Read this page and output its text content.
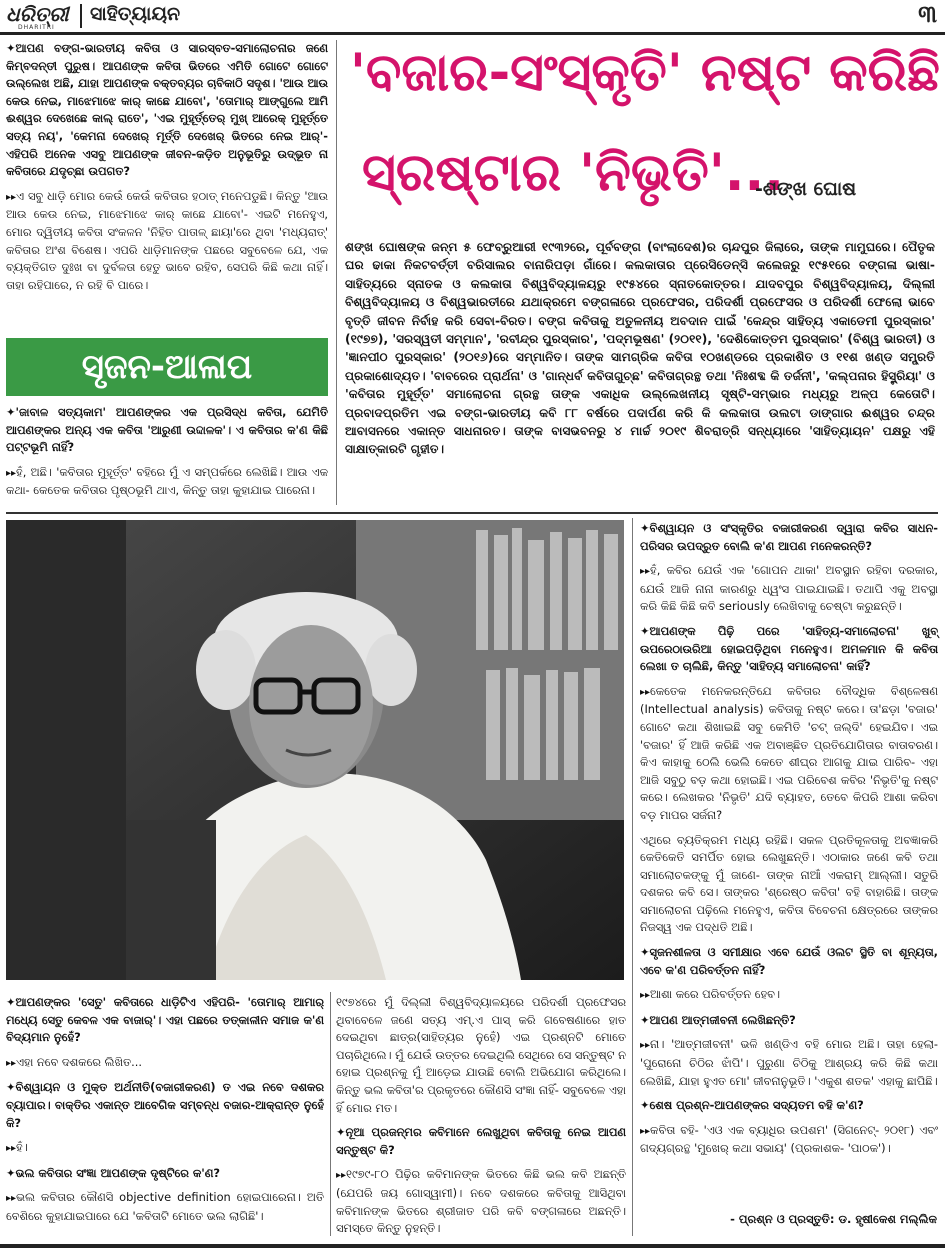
ଧରିତ୍ରୀ
DHARITRI
ସାହିତ୍ୟାୟନ	୩

✦ ଆପଣ ବଙ୍ଗ-ଭାରତୀୟ କବିତା ଓ ସାରସ୍ବତ-ସମାଲୋଚନାର ଜଣେ କିମ୍ବଦନ୍ତୀ ପୁରୁଷ। ଆପଣଙ୍କ କବିତା ଭିତରେ ଏମିତି ଗୋଟେ ଗୋଟେ ଉଲ୍ଲେଖ ଅଛି, ଯାହା ଆପଣଙ୍କ ବକ୍ତବ୍ୟର ଚାବିକାଠି ସଦୃଶ। 'ଆଉ ଆଉ କେଉ ନେଇ, ମାଝେମାଝେ କାର୍ କାଛେ ଯାବୋ', 'ତୋମାର୍ ଆଙ୍ଗୁଲେ ଆମି ଈଶ୍ୱର ଦେଖେଛେ କାଲ୍ ରାତେ', 'ଏଇ ମୁହୂର୍ତ୍ତେର୍ ମୁଖ୍ ଆରେକ୍ ମୁହୂର୍ତ୍ତେ ସତ୍ୟ ନୟ', 'କେମନା ଦେଖେର୍ ମୂର୍ତ୍ତି ଦେଖେର୍ ଭିତରେ ନେଇ ଆର୍'- ଏହିପରି ଅନେକ ଏସବୁ ଆପଣଙ୍କ ଜୀବନ-କଡ଼ିତ ଅନୁଭୂତିରୁ ଉଦ୍ଭୂତ ନା କବିତାରେ ଯଦୃଚ୍ଛା ଉପଗତ?

▸▸ ଏ ସବୁ ଧାଡ଼ି ମୋର କେଉଁ କେଉଁ କବିତାର ହଠାତ୍ ମନେପଡୁଛି। କିନ୍ତୁ 'ଆଉ ଆଉ କେଉ ନେଇ, ମାଝେମାଝେ କାର୍ କାଛେ ଯାବୋ'- ଏଇଟି ମନେହୁଏ, ମୋର ଦ୍ୱିତୀୟ କବିତା ସଂକଳନ 'ନିହିତ ପାତାଳ୍ ଛାୟା'ରେ ଥିବା 'ମଧ୍ୟରାତ୍' କବିତାର ଅଂଶ ବିଶେଷ। ଏପରି ଧାଡ଼ିମାନଙ୍କ ପଛରେ ସବୁବେଳେ ଯେ, ଏକ ବ୍ୟକ୍ତିଗତ ଦୁଃଖ ବା ଦୁର୍ବଳତା ହେତୁ ଭାବେ ରହିବ, ସେପରି କିଛି କଥା ନାହିଁ। ତାହା ରହିପାରେ, ନ ରହି ବି ପାରେ।

ସୃଜନ-ଆଳାପ

✦ 'ଜାବାଳ ସତ୍ୟକାମ' ଆପଣଙ୍କର ଏକ ପ୍ରସିଦ୍ଧ କବିତା, ଯେମିତି ଆପଣଙ୍କର ଅନ୍ୟ ଏକ କବିତା 'ଆରୁଣୀ ଉଦ୍ଦାଳକ'। ଏ କବିତାର କ'ଣ କିଛି ପଟ୍ଟଭୂମି ନାହିଁ?

▸▸ ହଁ, ଅଛି। 'କବିତାର ମୁହୂର୍ତ୍ତ' ବହିରେ ମୁଁ ଏ ସମ୍ପର୍କରେ ଲେଖିଛି। ଆଉ ଏକ କଥା- କେତେକ କବିତାର ପୃଷ୍ଠଭୂମି ଥାଏ, କିନ୍ତୁ ତାହା କୁହାଯାଇ ପାରେନା।

'ବଜାର-ସଂସ୍କୃତି' ନଷ୍ଟ କରିଛି
ସ୍ରଷ୍ଟାର 'ନିଭୃତି'...
-ଶଙ୍ଖ ଘୋଷ
ଶଙ୍ଖ ଘୋଷଙ୍କ ଜନ୍ମ ୫ ଫେବ୍ରୁଆରୀ ୧୯୩୨ରେ, ପୂର୍ବବଙ୍ଗ (ବାଂଲାଦେଶ)ର ଚାନ୍ଦପୁର ଜିଲାରେ, ତାଙ୍କ ମାମୁଘରେ। ପୈତୃକ ଘର ଢାକା ନିକଟବର୍ତ୍ତୀ ବରିସାଲର ବାନାରିପଡ଼ା ଗାଁରେ। କଲକାତାର ପ୍ରେସିଡେନ୍ସି କଲେଜରୁ ୧୯୫୧ରେ ବଙ୍ଗଳା ଭାଷା-ସାହିତ୍ୟରେ ସ୍ନାତକ ଓ କଲକାତା ବିଶ୍ୱବିଦ୍ୟାଳୟରୁ ୧୯୫୪ରେ ସ୍ନାତକୋତ୍ତର। ଯାଦବପୁର ବିଶ୍ୱବିଦ୍ୟାଳୟ, ଦିଲ୍ଲୀ ବିଶ୍ୱବିଦ୍ୟାଳୟ ଓ ବିଶ୍ୱଭାରତୀରେ ଯଥାକ୍ରମେ ବଙ୍ଗଳାରେ ପ୍ରଫେସର, ପରିଦର୍ଶୀ ପ୍ରଫେସର ଓ ପରିଦର୍ଶୀ ଫେଲୋ ଭାବେ ବୃତ୍ତି ଜୀବନ ନିର୍ବାହ କରି ସେବା-ବିରତ। ବଙ୍ଗ କବିତାକୁ ଅତୁଳନୀୟ ଅବଦାନ ପାଇଁ 'କେନ୍ଦ୍ର ସାହିତ୍ୟ ଏକାଡେମୀ ପୁରସ୍କାର' (୧୯୭୭), 'ସରସ୍ୱତୀ ସମ୍ମାନ', 'ରବୀନ୍ଦ୍ର ପୁରସ୍କାର', 'ପଦ୍ମଭୂଷଣ' (୨୦୧୧), 'ଦେଶିକୋତ୍ତମ ପୁରସ୍କାର' (ବିଶ୍ୱ ଭାରତୀ) ଓ 'ଜ୍ଞାନପୀଠ ପୁରସ୍କାର' (୨୦୧୬)ରେ ସମ୍ମାନିତ। ତାଙ୍କ ସାମଗ୍ରିକ କବିତା ୧୦ଖଣ୍ଡରେ ପ୍ରକାଶିତ ଓ ୧୧ଶ ଖଣ୍ଡ ସମ୍ପ୍ରତି ପ୍ରକାଶୋଦ୍ୟତ। 'ବାବରେର ପ୍ରାର୍ଥନା' ଓ 'ଗାନ୍ଧର୍ବ କବିତାଗୁଚ୍ଛ' କବିତାଗ୍ରନ୍ଥ ତଥା 'ନିଃଶବ୍ଦ କି ତର୍ଜନୀ', 'କଲ୍ପନାର ହିସ୍ଟ୍ରିୟା' ଓ 'କବିତାର ମୁହୂର୍ତ୍ତ' ସମାଲୋଚନା ଗ୍ରନ୍ଥ ତାଙ୍କ ଏକାଧିକ ଉଲ୍ଲେଖନୀୟ ସୃଷ୍ଟି-ସମ୍ଭାର ମଧ୍ୟରୁ ଅଳ୍ପ କେତୋଟି। ପ୍ରବାଦପ୍ରତିମ ଏଇ ବଙ୍ଗ-ଭାରତୀୟ କବି ୮୮ ବର୍ଷରେ ପଦାର୍ପଣ କରି କି କଲକାତା ଉଲଟା ଡାଙ୍ଗାର ଈଶ୍ୱର ଚନ୍ଦ୍ର ଆବାସନରେ ଏକାନ୍ତ ସାଧନାରତ। ତାଙ୍କ ବାସଭବନରୁ ୪ ମାର୍ଚ୍ଚ ୨୦୧୯ ଶିବରାତ୍ରି ସନ୍ଧ୍ୟାରେ 'ସାହିତ୍ୟାୟନ' ପକ୍ଷରୁ ଏହି ସାକ୍ଷାତ୍କାରଟି ଗୃହୀତ।

✦ ବିଶ୍ୱାୟନ ଓ ସଂସ୍କୃତିର ବଜାରୀକରଣ ଦ୍ୱାରା କବିର ସାଧନ-ପରିସର ଉପଦ୍ରୁତ ବୋଲି କ'ଣ ଆପଣ ମନେକରନ୍ତି?

▸▸ ହଁ, କବିର ଯେଉଁ ଏକ 'ଗୋପନ ଥାକା' ଅବସ୍ଥାନ ରହିବା ଦରକାର, ଯେଉଁ ଆଜି ନାନା କାରଣରୁ ଧ୍ୱଂସ ପାଇଯାଇଛି। ତଥାପି ଏକୁ ଅବସ୍ଥା କରି କିଛି କିଛି କବି seriously ଲେଖିବାକୁ ଚେଷ୍ଟା କରୁଛନ୍ତି।

✦ ଆପଣଙ୍କ ପିଢ଼ି ପରେ 'ସାହିତ୍ୟ-ସମାଲୋଚନା' ଖୁବ୍ ଉପରେଠାଉରିଆ ହୋଇପଡ଼ିଥିବା ମନେହୁଏ। ଅମଳମାନ କି କବିତା ଲେଖା ତ ଚାଲିଛି, କିନ୍ତୁ 'ସାହିତ୍ୟ ସମାଲୋଚନା' କାହିଁ?

▸▸ କେତେକ ମନେକରନ୍ତିଯେ କବିତାର ବୌଦ୍ଧିକ ବିଶ୍ଳେଷଣ (Intellectual analysis) କବିତାକୁ ନଷ୍ଟ କରେ। ତା'ଛଡ଼ା 'ବଜାର' ଗୋଟେ କଥା ଶିଖାଇଛି ସବୁ କେମିତି 'ଚଟ୍ ଜଲ୍ଦି' ହେଇଯିବ। ଏଇ 'ବଜାର' ହିଁ ଆଜି କରିଛି ଏକ ଅବାଞ୍ଛିତ ପ୍ରତିଯୋଗିତାର ବାତାବରଣ। କିଏ କାହାକୁ ଠେଲି ଭେଲି କେତେ ଶୀଘ୍ର ଆଗକୁ ଯାଇ ପାରିବ- ଏହା ଆଜି ସବୁଠୁ ବଡ଼ କଥା ହୋଇଛି। ଏଇ ପରିବେଶ କବିର 'ନିଭୃତି'କୁ ନଷ୍ଟ କରେ। ଲେଖକର 'ନିଭୃତି' ଯଦି ବ୍ୟାହତ, ତେବେ କିପରି ଆଶା କରିବା ବଡ଼ ମାପର ସର୍ଜନା?

ଏଥିରେ ବ୍ୟତିକ୍ରମ ମଧ୍ୟ ରହିଛି। ସକଳ ପ୍ରତିକୂଳତାକୁ ଅବଜ୍ଞାକରି କେତିକେତି ସମର୍ପିତ ହୋଇ ଲେଖୁଛନ୍ତି। ଏଠାକାର ଜଣେ କବି ତଥା ସମାଲୋଚକଙ୍କୁ ମୁଁ ଜାଣେ- ତାଙ୍କ ନାଆଁ ଏକରାମ୍ ଆଲ୍ଲୀ। ସତୁରି ଦଶକର କବି ସେ। ତାଙ୍କର 'ଶ୍ରେଷ୍ଠ କବିତା' ବହି ବାହାରିଛି। ତାଙ୍କ ସମାଲୋଚନା ପଢ଼ିଲେ ମନେହୁଏ, କବିତା ବିବେଚନା କ୍ଷେତ୍ରରେ ତାଙ୍କର ନିଜସ୍ୱ ଏକ ପଦ୍ଧତି ଅଛି।

✦ ସୃଜନଶୀଳତା ଓ ସମୀକ୍ଷାର ଏବେ ଯେଉଁ ଓଲଟ ସ୍ଥିତି ବା ଶୂନ୍ୟତା, ଏବେ କ'ଣ ପରିବର୍ତ୍ତନ ନାହିଁ?

▸▸ ଆଶା କରେ ପରିବର୍ତ୍ତନ ହେବ।

✦ ଆପଣ ଆତ୍ମଜୀବନୀ ଲେଖିଛନ୍ତି?

▸▸ ନା। 'ଆତ୍ମଜୀବନୀ' ଭଳି ଖଣ୍ଡିଏ ବହି ମୋର ଅଛି। ତାହା ହେଲା- 'ପୁରୋନୋ ଚିଠିର ଝାଁପି'। ପୁରୁଣା ଚିଠିକୁ ଆଶ୍ରୟ କରି କିଛି କଥା ଲେଖିଛି, ଯାହା ହୁଏତ ମୋ' ଜୀବନାନୁଭୂତି। 'ଏକୁଶ ଶତକ' ଏହାକୁ ଛାପିଛି।

✦ ଶେଷ ପ୍ରଶ୍ନ-ଆପଣଙ୍କର ସଦ୍ୟତମ ବହି କ'ଣ?

▸▸ କବିତା ବହି- 'ଏଓ ଏକ ବ୍ୟାଧିର ଉପଶମ' (ସିଗନେଟ୍- ୨୦୧୮) ଏବଂ ଗଦ୍ୟଗ୍ରନ୍ଥ 'ମୁଖେର୍ କଥା ସଭାୟ' (ପ୍ରକାଶକ- 'ପାଠକ')।

✦ ଆପଣଙ୍କର 'ସେତୁ' କବିତାରେ ଧାଡ଼ିଟିଏ ଏହିପରି- 'ତୋମାର୍ ଆମାର୍ ମଧ୍ୟେ ସେତୁ କେବଳ ଏକ ବାଜାର୍'। ଏହା ପଛରେ ତତ୍କାଳୀନ ସମାଜ କ'ଣ ବିଦ୍ୟମାନ ନୁହେଁ?

▸▸ ଏହା ନବେ ଦଶକରେ ଲିଖିତ...

✦ ବିଶ୍ୱାୟନ ଓ ମୁକ୍ତ ଅର୍ଥନୀତି(ବଜାରୀକରଣ) ତ ଏଇ ନବେ ଦଶକର ବ୍ୟାପାର। ବାକ୍ତିର ଏକାନ୍ତ ଆବେଗିକ ସମ୍ବନ୍ଧ ବଜାର-ଆକ୍ରାନ୍ତ ନୁହେଁ କି?

▸▸ ହଁ।

✦ ଭଲ କବିତାର ସଂଜ୍ଞା ଆପଣଙ୍କ ଦୃଷ୍ଟିରେ କ'ଣ?

▸▸ ଭଲ କବିତାର କୌଣସି objective definition ହୋଇପାରେନା। ଅତି ବେଶିରେ କୁହାଯାଇପାରେ ଯେ 'କବିତାଟି ମୋତେ ଭଲ ଲାଗିଛି'।

୧୯୭୪ରେ ମୁଁ ଦିଲ୍ଲୀ ବିଶ୍ୱବିଦ୍ୟାଳୟରେ ପରିଦର୍ଶୀ ପ୍ରଫେସର ଥିବାବେଳେ ଜଣେ ସତ୍ୟ ଏମ୍.ଏ ପାସ୍ କରି ଗବେଷଣାରେ ହାତ ଦେଇଥିବା ଛାତ୍ର(ସାହିତ୍ୟର ନୁହେଁ) ଏଇ ପ୍ରଶ୍ନଟି ମୋତେ ପଚାରିଥିଲେ। ମୁଁ ଯେଉଁ ଉତ୍ତର ଦେଇଥିଲି ସେଥିରେ ସେ ସନ୍ତୁଷ୍ଟ ନ ହୋଇ ପ୍ରଶ୍ନକୁ ମୁଁ ଆଡ଼େଇ ଯାଉଛି ବୋଲି ଅଭିଯୋଗ କରିଥିଲେ। କିନ୍ତୁ ଭଲ କବିତା'ର ପ୍ରକୃତରେ କୌଣସି ସଂଜ୍ଞା ନାହିଁ- ସବୁବେଳେ ଏହା ହିଁ ମୋର ମତ।

✦ ନୂଆ ପ୍ରଜନ୍ମର କବିମାନେ ଲେଖୁଥିବା କବିତାକୁ ନେଇ ଆପଣ ସନ୍ତୁଷ୍ଟ କି?

▸▸ ୧୯୭୯-୮୦ ପିଢ଼ିର କବିମାନଙ୍କ ଭିତରେ କିଛି ଭଲ କବି ଅଛନ୍ତି (ଯେପରି ଜୟ ଗୋସ୍ୱାମୀ)। ନବେ ଦଶକରେ କବିତାକୁ ଆସିଥିବା କବିମାନଙ୍କ ଭିତରେ ଶ୍ରୀଜାତ ପରି କବି ବଙ୍ଗଳାରେ ଅଛନ୍ତି। ସମସ୍ତେ କିନ୍ତୁ ନୁହନ୍ତି।

- ପ୍ରଶ୍ନ ଓ ପ୍ରସ୍ତୁତି: ଡ. ହୃଷୀକେଶ ମଲ୍ଲିକ
